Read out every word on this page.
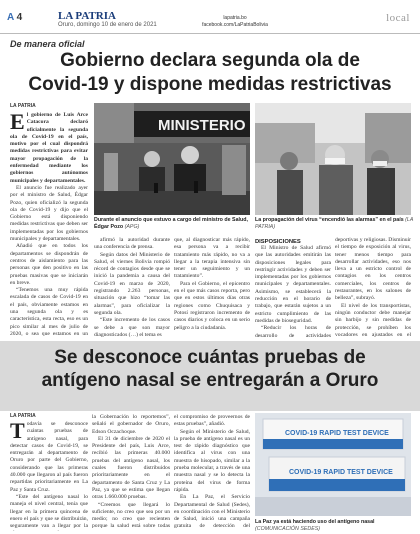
A 4	LA PATRIA
Oruro, domingo 10 de enero de 2021
lapatria.bo
facebook.com/LaPatriaBolivia
local
De manera oficial
Gobierno declara segunda ola de
Covid-19 y dispone medidas restrictivas
LA PATRIA

El gobierno de Luis Arce Catacora declaró oficialmente la segunda ola de Covid-19 en el país, motivo por el cual dispondrá medidas restrictivas para evitar mayor propagación de la enfermedad mediante los gobiernos autónomos municipales y departamentales.

El anuncio fue realizado ayer por el ministro de Salud, Édgar Pozo, quien oficializó la segunda ola de Covid-19 y dijo que el Gobierno está disponiendo medidas restrictivas que deben ser implementadas por los gobiernos municipales y departamentales.

Añadió que en todos los departamentos se dispondrán de centros de aislamiento para las personas que den positivo en las pruebas masivas que se iniciarán en breve.

“Tenemos una muy rápida escalada de casos de Covid-19 en el país, obviamente estamos en una segunda ola y es característica, esta recta, eso es un pico similar al mes de julio de 2020, o sea que estamos en un

MINISTERIO
Durante el anuncio que estuvo a cargo del ministro de Salud, Édgar Pozo (APG)
La propagación del virus “encendió las alarmas” en el país (LA PATRIA)

afirmó la autoridad durante una conferencia de prensa.

Según datos del Ministerio de Salud, el viernes Bolivia rompió récord de contagios desde que se inició la pandemia a causa del Covid-19 en marzo de 2020, registrando 2.263 personas, situación que hizo “tomar las alarmas”, para oficializar la segunda ola.

“Este incremento de los casos se debe a que son mayor diagnosticados (…) el tema es

que, al diagnosticar más rápido, esa persona va a recibir tratamiento más rápido, no va a llegar a la terapia intensiva sin tener un seguimiento y un tratamiento”.

Para el Gobierno, el epicentro en el que más casos reporta, pero que en estos últimos días otras regiones como Chuquisaca y Potosí registraron incremento de casos diarios y coloca en un serio peligro a la ciudadanía.

DISPOSICIONES

El Ministro de Salud afirmó que las autoridades emitirán las disposiciones legales para restringir actividades y deben ser implementadas por los gobiernos municipales y departamentales. Asimismo, se establecerá la reducción en el horario de trabajo, que estarán sujetos a un estricto cumplimiento de las medidas de bioseguridad.

“Reducir los horas de desarrollo de actividades

deportivas y religiosas. Disminuir el tiempo de exposición al virus, tener menos tiempo para desarrollar actividades, eso nos lleva a un estricto control de contagios en los centros comerciales, los centros de restaurantes, en los salones de belleza”, subrayó.

El nivel de los transportistas, ningún conductor debe manejar sin barbijo y sin medidas de protección, se prohíben los vocadores en ajustados en el

Se desconoce cuántas pruebas de
antígeno nasal se entregarán a Oruro
LA PATRIA

Todavía se desconoce cuántas pruebas de antígeno nasal, para detectar casos de Covid-19, se entregarán al departamento de Oruro por parte del Gobierno, considerando que las primeras 40.000 que llegaron al país fueron repartidas prioritariamente en La Paz y Santa Cruz.

“Este del antígeno nasal lo maneja el nivel central, tenía que llegar en la primera quincena de enero el país y que se distribuirán, seguramente van a llegar por la

la Gobernación lo reportemos”, señaló el gobernador de Oruro, Edson Oczachoque.

El 31 de diciembre de 2020 el Presidente del país, Luis Arce, recibió las primeras 40.000 pruebas del antígeno nasal, los cuales fueron distribuidos prioritariamente en el departamento de Santa Cruz y La Paz, ya que se estima que llegan otras 1.660.000 pruebas.

“Creemos que llegará lo suficiente, no creo que sea por un medio; no creo que recienten porque la salud está sobre todas

el compromiso de proveernos de estas pruebas”, añadió.

Según el Ministerio de Salud, la prueba de antígeno nasal es un test de rápido diagnóstico que identifica al virus con una muestra de hisopado, similar a la prueba molecular, a través de una muestra nasal y se lo detecta la proteína del virus de forma rápida.

En La Paz, el Servicio Departamental de Salud (Sedes), en coordinación con el Ministerio de Salud, inició una campaña gratuita de detección del

COVID-19 RAPID TEST DEVICE
COVID-19 RAPID TEST DEVICE
La Paz ya está haciendo uso del antígeno nasal (COMUNICACIÓN SEDES)
